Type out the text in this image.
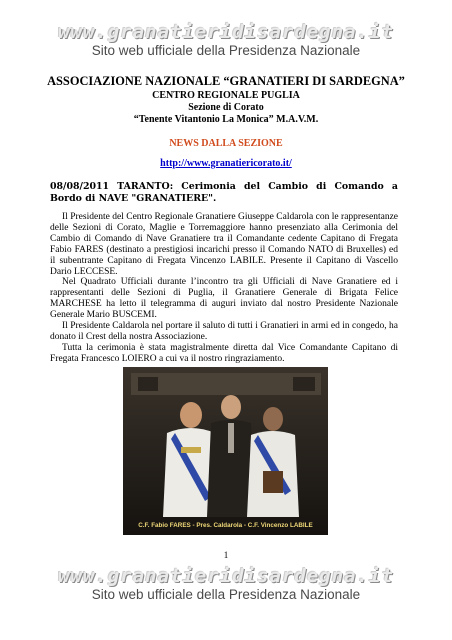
www.granatieridisardegna.it
Sito web ufficiale della Presidenza Nazionale
ASSOCIAZIONE NAZIONALE “GRANATIERI DI SARDEGNA”
CENTRO REGIONALE PUGLIA
Sezione di Corato
“Tenente Vitantonio La Monica” M.A.V.M.
NEWS DALLA SEZIONE
http://www.granatiericorato.it/
08/08/2011 TARANTO: Cerimonia del Cambio di Comando a Bordo di NAVE "GRANATIERE".

Il Presidente del Centro Regionale Granatiere Giuseppe Caldarola con le rappresentanze delle Sezioni di Corato, Maglie e Torremaggiore hanno presenziato alla Cerimonia del Cambio di Comando di Nave Granatiere tra il Comandante cedente Capitano di Fregata Fabio FARES (destinato a prestigiosi incarichi presso il Comando NATO di Bruxelles) ed il subentrante Capitano di Fregata Vincenzo LABILE. Presente il Capitano di Vascello Dario LECCESE.

Nel Quadrato Ufficiali durante l’incontro tra gli Ufficiali di Nave Granatiere ed i rappresentanti delle Sezioni di Puglia, il Granatiere Generale di Brigata Felice MARCHESE ha letto il telegramma di auguri inviato dal nostro Presidente Nazionale Generale Mario BUSCEMI.

Il Presidente Caldarola nel portare il saluto di tutti i Granatieri in armi ed in congedo, ha donato il Crest della nostra Associazione.

Tutta la cerimonia è stata magistralmente diretta dal Vice Comandante Capitano di Fregata Francesco LOIERO a cui va il nostro ringraziamento.

C.F. Fabio FARES - Pres. Caldarola - C.F. Vincenzo LABILE
1
www.granatieridisardegna.it
Sito web ufficiale della Presidenza Nazionale
